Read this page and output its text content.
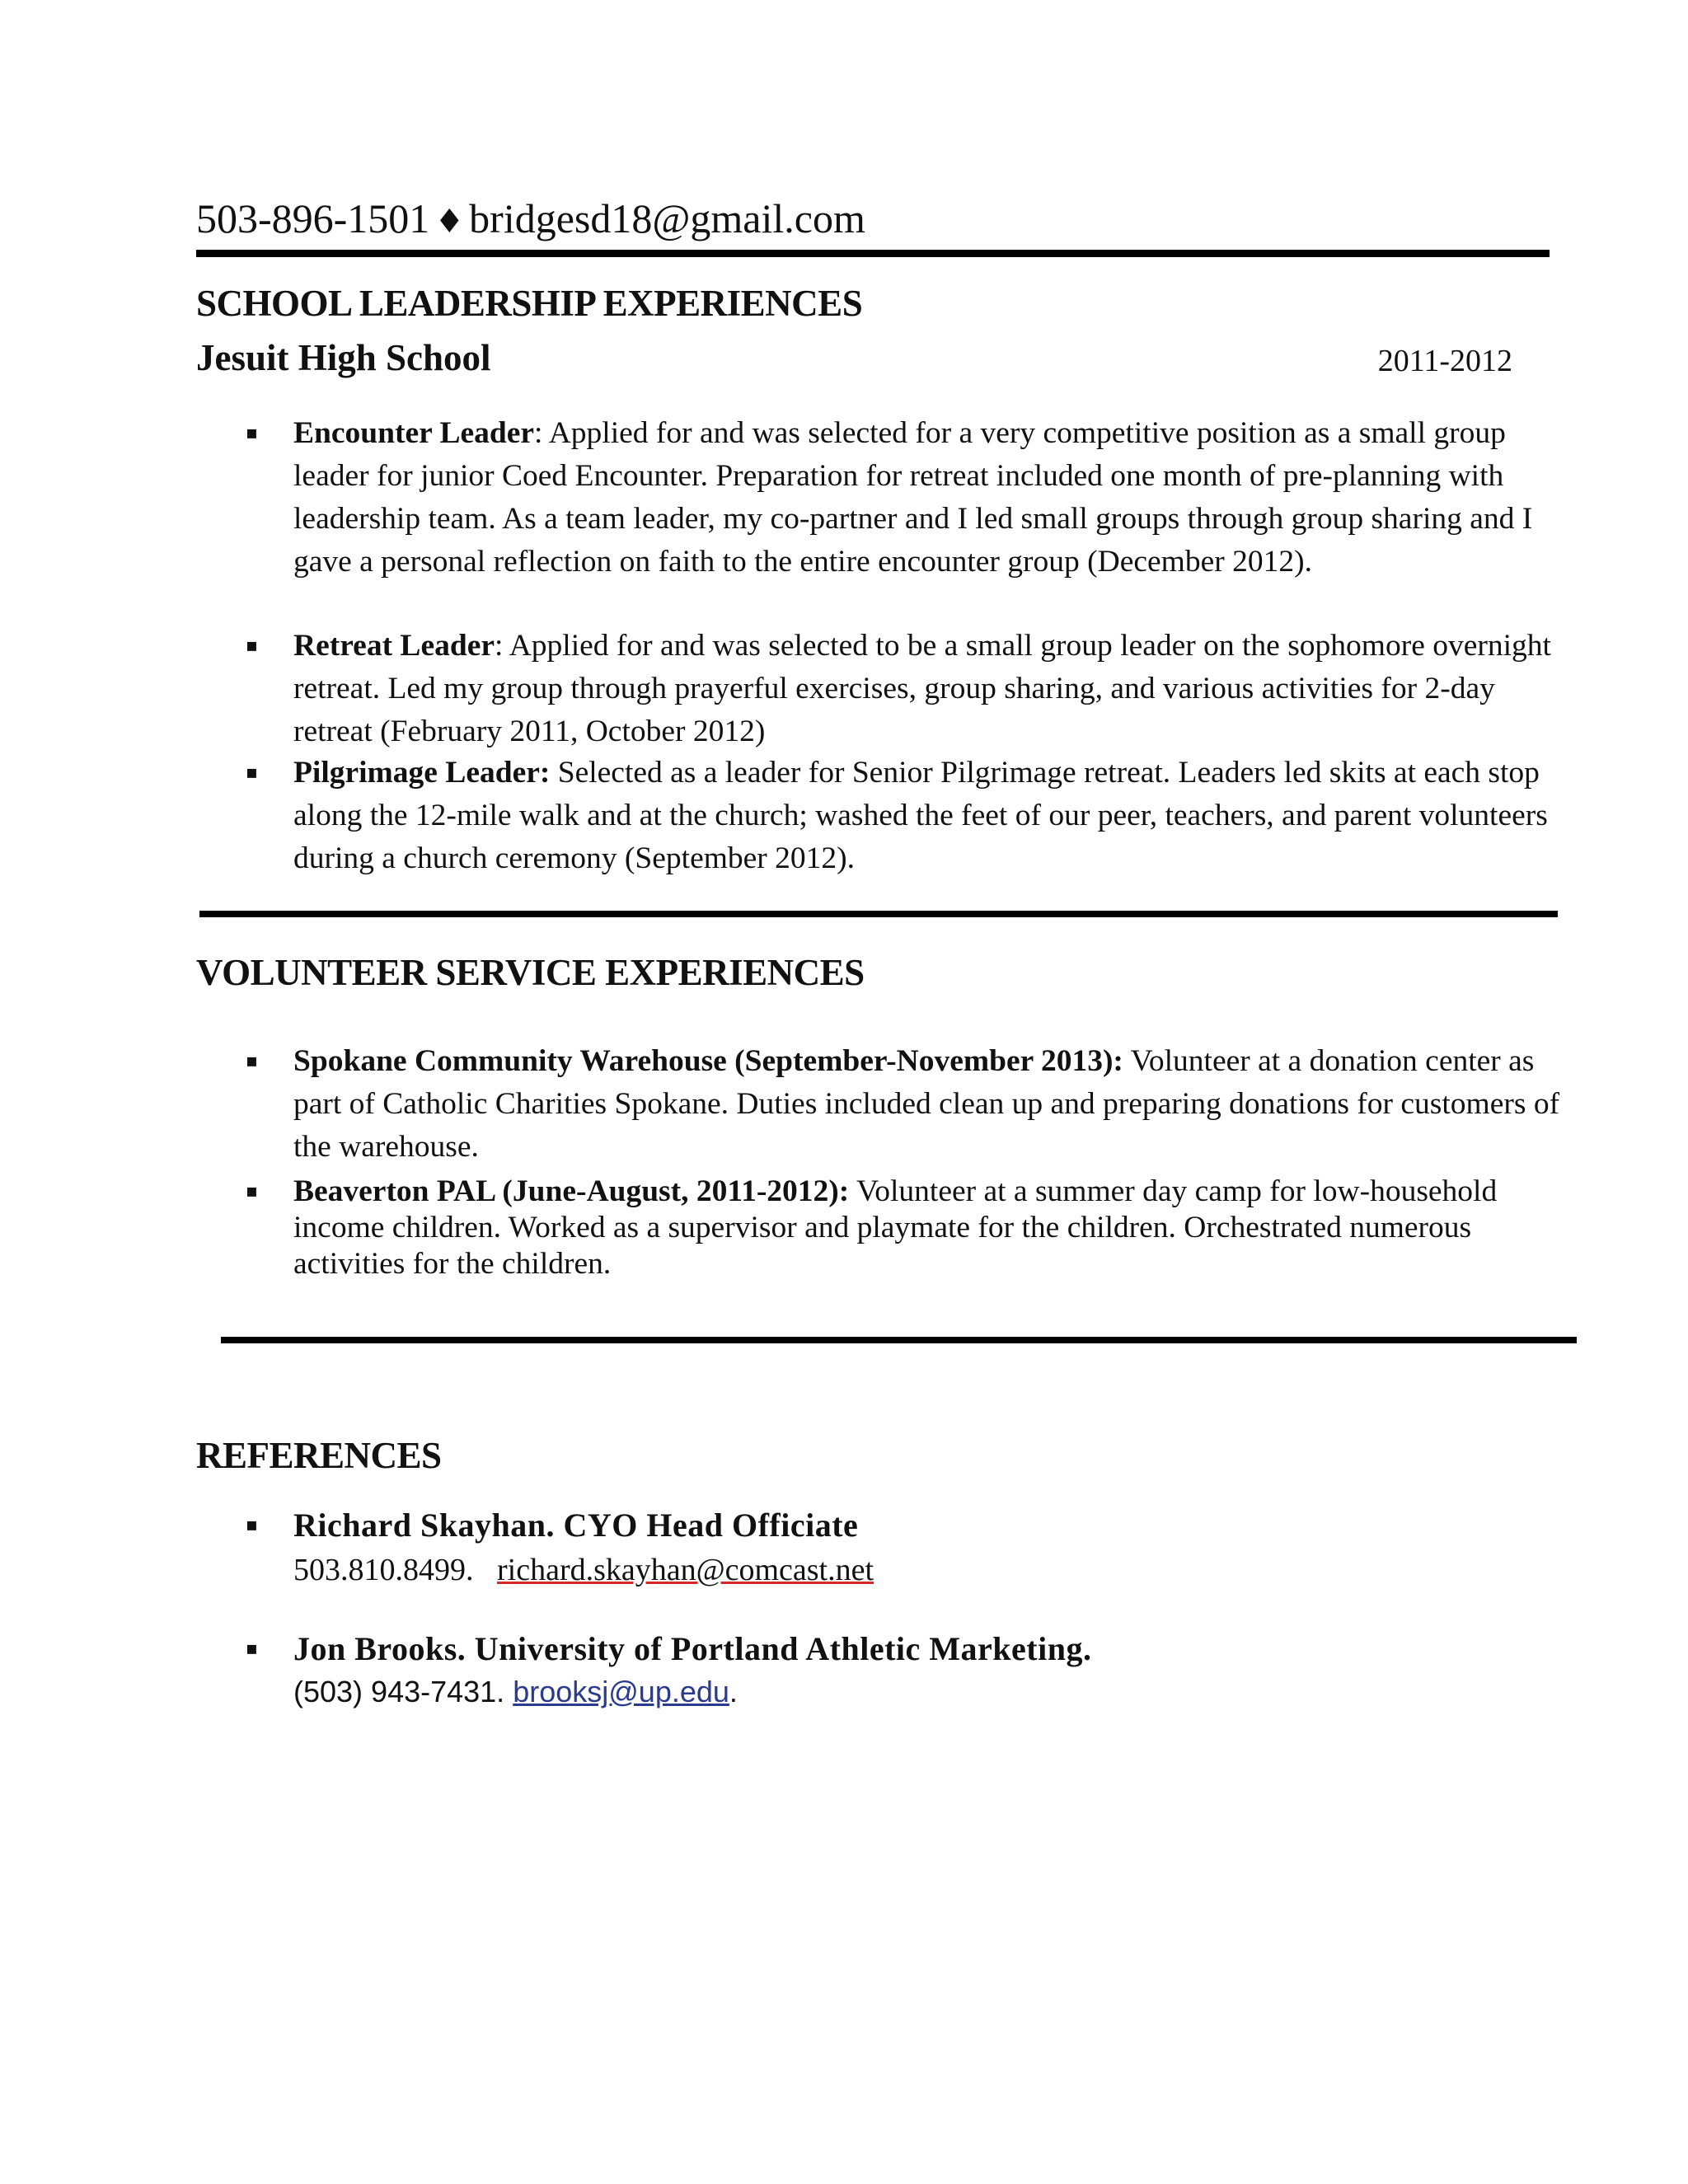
503-896-1501 ♦ bridgesd18@gmail.com
SCHOOL LEADERSHIP EXPERIENCES
Jesuit High School	2011-2012
▪ Encounter Leader: Applied for and was selected for a very competitive position as a small group leader for junior Coed Encounter. Preparation for retreat included one month of pre-planning with leadership team. As a team leader, my co-partner and I led small groups through group sharing and I gave a personal reflection on faith to the entire encounter group (December 2012).
▪ Retreat Leader: Applied for and was selected to be a small group leader on the sophomore overnight retreat. Led my group through prayerful exercises, group sharing, and various activities for 2-day retreat (February 2011, October 2012)
▪ Pilgrimage Leader: Selected as a leader for Senior Pilgrimage retreat. Leaders led skits at each stop along the 12-mile walk and at the church; washed the feet of our peer, teachers, and parent volunteers during a church ceremony (September 2012).
VOLUNTEER SERVICE EXPERIENCES
▪ Spokane Community Warehouse (September-November 2013): Volunteer at a donation center as part of Catholic Charities Spokane. Duties included clean up and preparing donations for customers of the warehouse.
▪ Beaverton PAL (June-August, 2011-2012): Volunteer at a summer day camp for low-household income children. Worked as a supervisor and playmate for the children. Orchestrated numerous activities for the children.
REFERENCES
▪ Richard Skayhan. CYO Head Officiate
503.810.8499. richard.skayhan@comcast.net
▪ Jon Brooks. University of Portland Athletic Marketing.
(503) 943-7431. brooksj@up.edu.
